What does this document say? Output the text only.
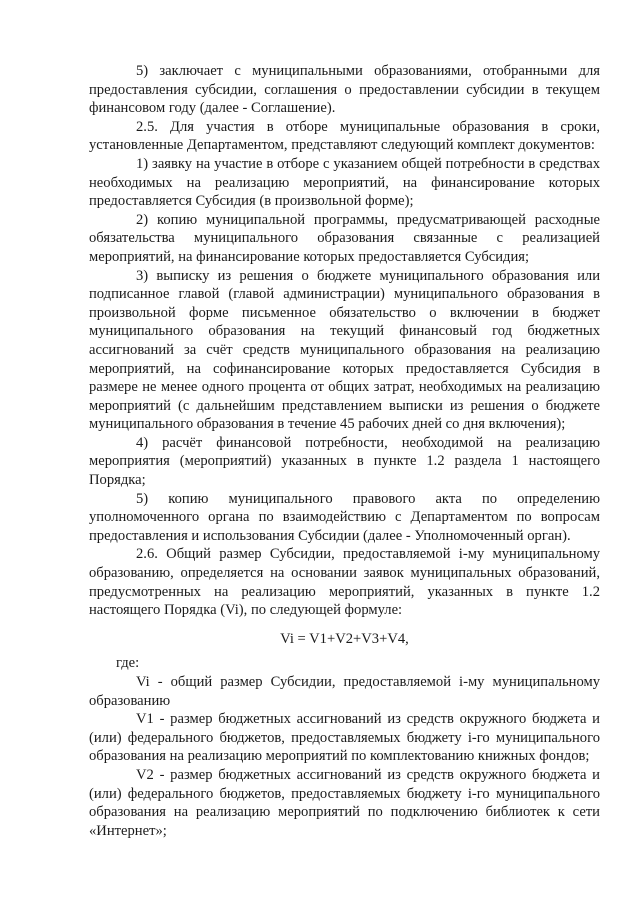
5) заключает с муниципальными образованиями, отобранными для предоставления субсидии, соглашения о предоставлении субсидии в текущем финансовом году (далее - Соглашение).

2.5. Для участия в отборе муниципальные образования в сроки, установленные Департаментом, представляют следующий комплект документов:

1) заявку на участие в отборе с указанием общей потребности в средствах необходимых на реализацию мероприятий, на финансирование которых предоставляется Субсидия (в произвольной форме);

2) копию муниципальной программы, предусматривающей расходные обязательства муниципального образования связанные с реализацией мероприятий, на финансирование которых предоставляется Субсидия;

3) выписку из решения о бюджете муниципального образования или подписанное главой (главой администрации) муниципального образования в произвольной форме письменное обязательство о включении в бюджет муниципального образования на текущий финансовый год бюджетных ассигнований за счёт средств муниципального образования на реализацию мероприятий, на софинансирование которых предоставляется Субсидия в размере не менее одного процента от общих затрат, необходимых на реализацию мероприятий (с дальнейшим представлением выписки из решения о бюджете муниципального образования в течение 45 рабочих дней со дня включения);

4) расчёт финансовой потребности, необходимой на реализацию мероприятия (мероприятий) указанных в пункте 1.2 раздела 1 настоящего Порядка;

5) копию муниципального правового акта по определению уполномоченного органа по взаимодействию с Департаментом по вопросам предоставления и использования Субсидии (далее - Уполномоченный орган).

2.6. Общий размер Субсидии, предоставляемой i-му муниципальному образованию, определяется на основании заявок муниципальных образований, предусмотренных на реализацию мероприятий, указанных в пункте 1.2 настоящего Порядка (Vi), по следующей формуле:

Vi = V1+V2+V3+V4,

где:

Vi - общий размер Субсидии, предоставляемой i-му муниципальному образованию

V1 - размер бюджетных ассигнований из средств окружного бюджета и (или) федерального бюджетов, предоставляемых бюджету i-го муниципального образования на реализацию мероприятий по комплектованию книжных фондов;

V2 - размер бюджетных ассигнований из средств окружного бюджета и (или) федерального бюджетов, предоставляемых бюджету i-го муниципального образования на реализацию мероприятий по подключению библиотек к сети «Интернет»;
